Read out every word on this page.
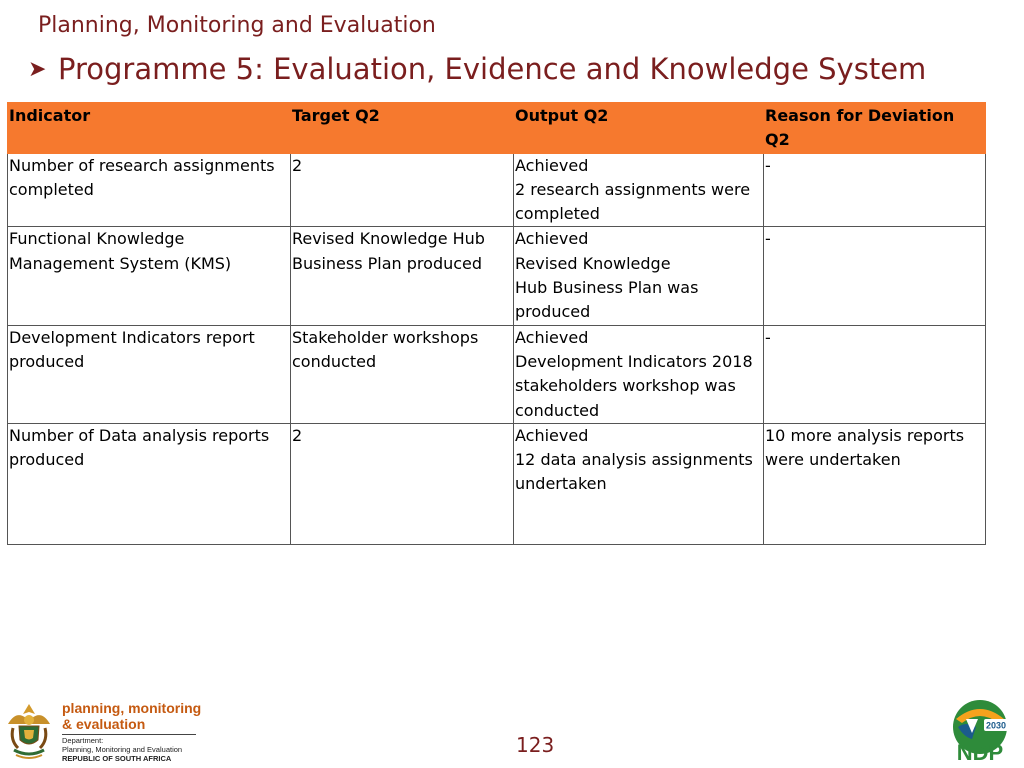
Planning, Monitoring and Evaluation
➤ Programme 5: Evaluation, Evidence and Knowledge System
Indicator	Target Q2	Output Q2	Reason for Deviation Q2

Number of research assignments
completed	2	Achieved
2 research assignments were
completed	-

Functional Knowledge
Management System (KMS)	Revised Knowledge Hub
Business Plan produced	Achieved
Revised Knowledge
Hub Business Plan was
produced	-

Development Indicators report
produced	Stakeholder workshops
conducted	Achieved
Development Indicators 2018
stakeholders workshop was
conducted	-

Number of Data analysis reports
produced	2	Achieved
12 data analysis assignments
undertaken	10 more analysis reports
were undertaken
planning, monitoring
& evaluation
Department:
Planning, Monitoring and Evaluation
REPUBLIC OF SOUTH AFRICA
123
2030
NDP
